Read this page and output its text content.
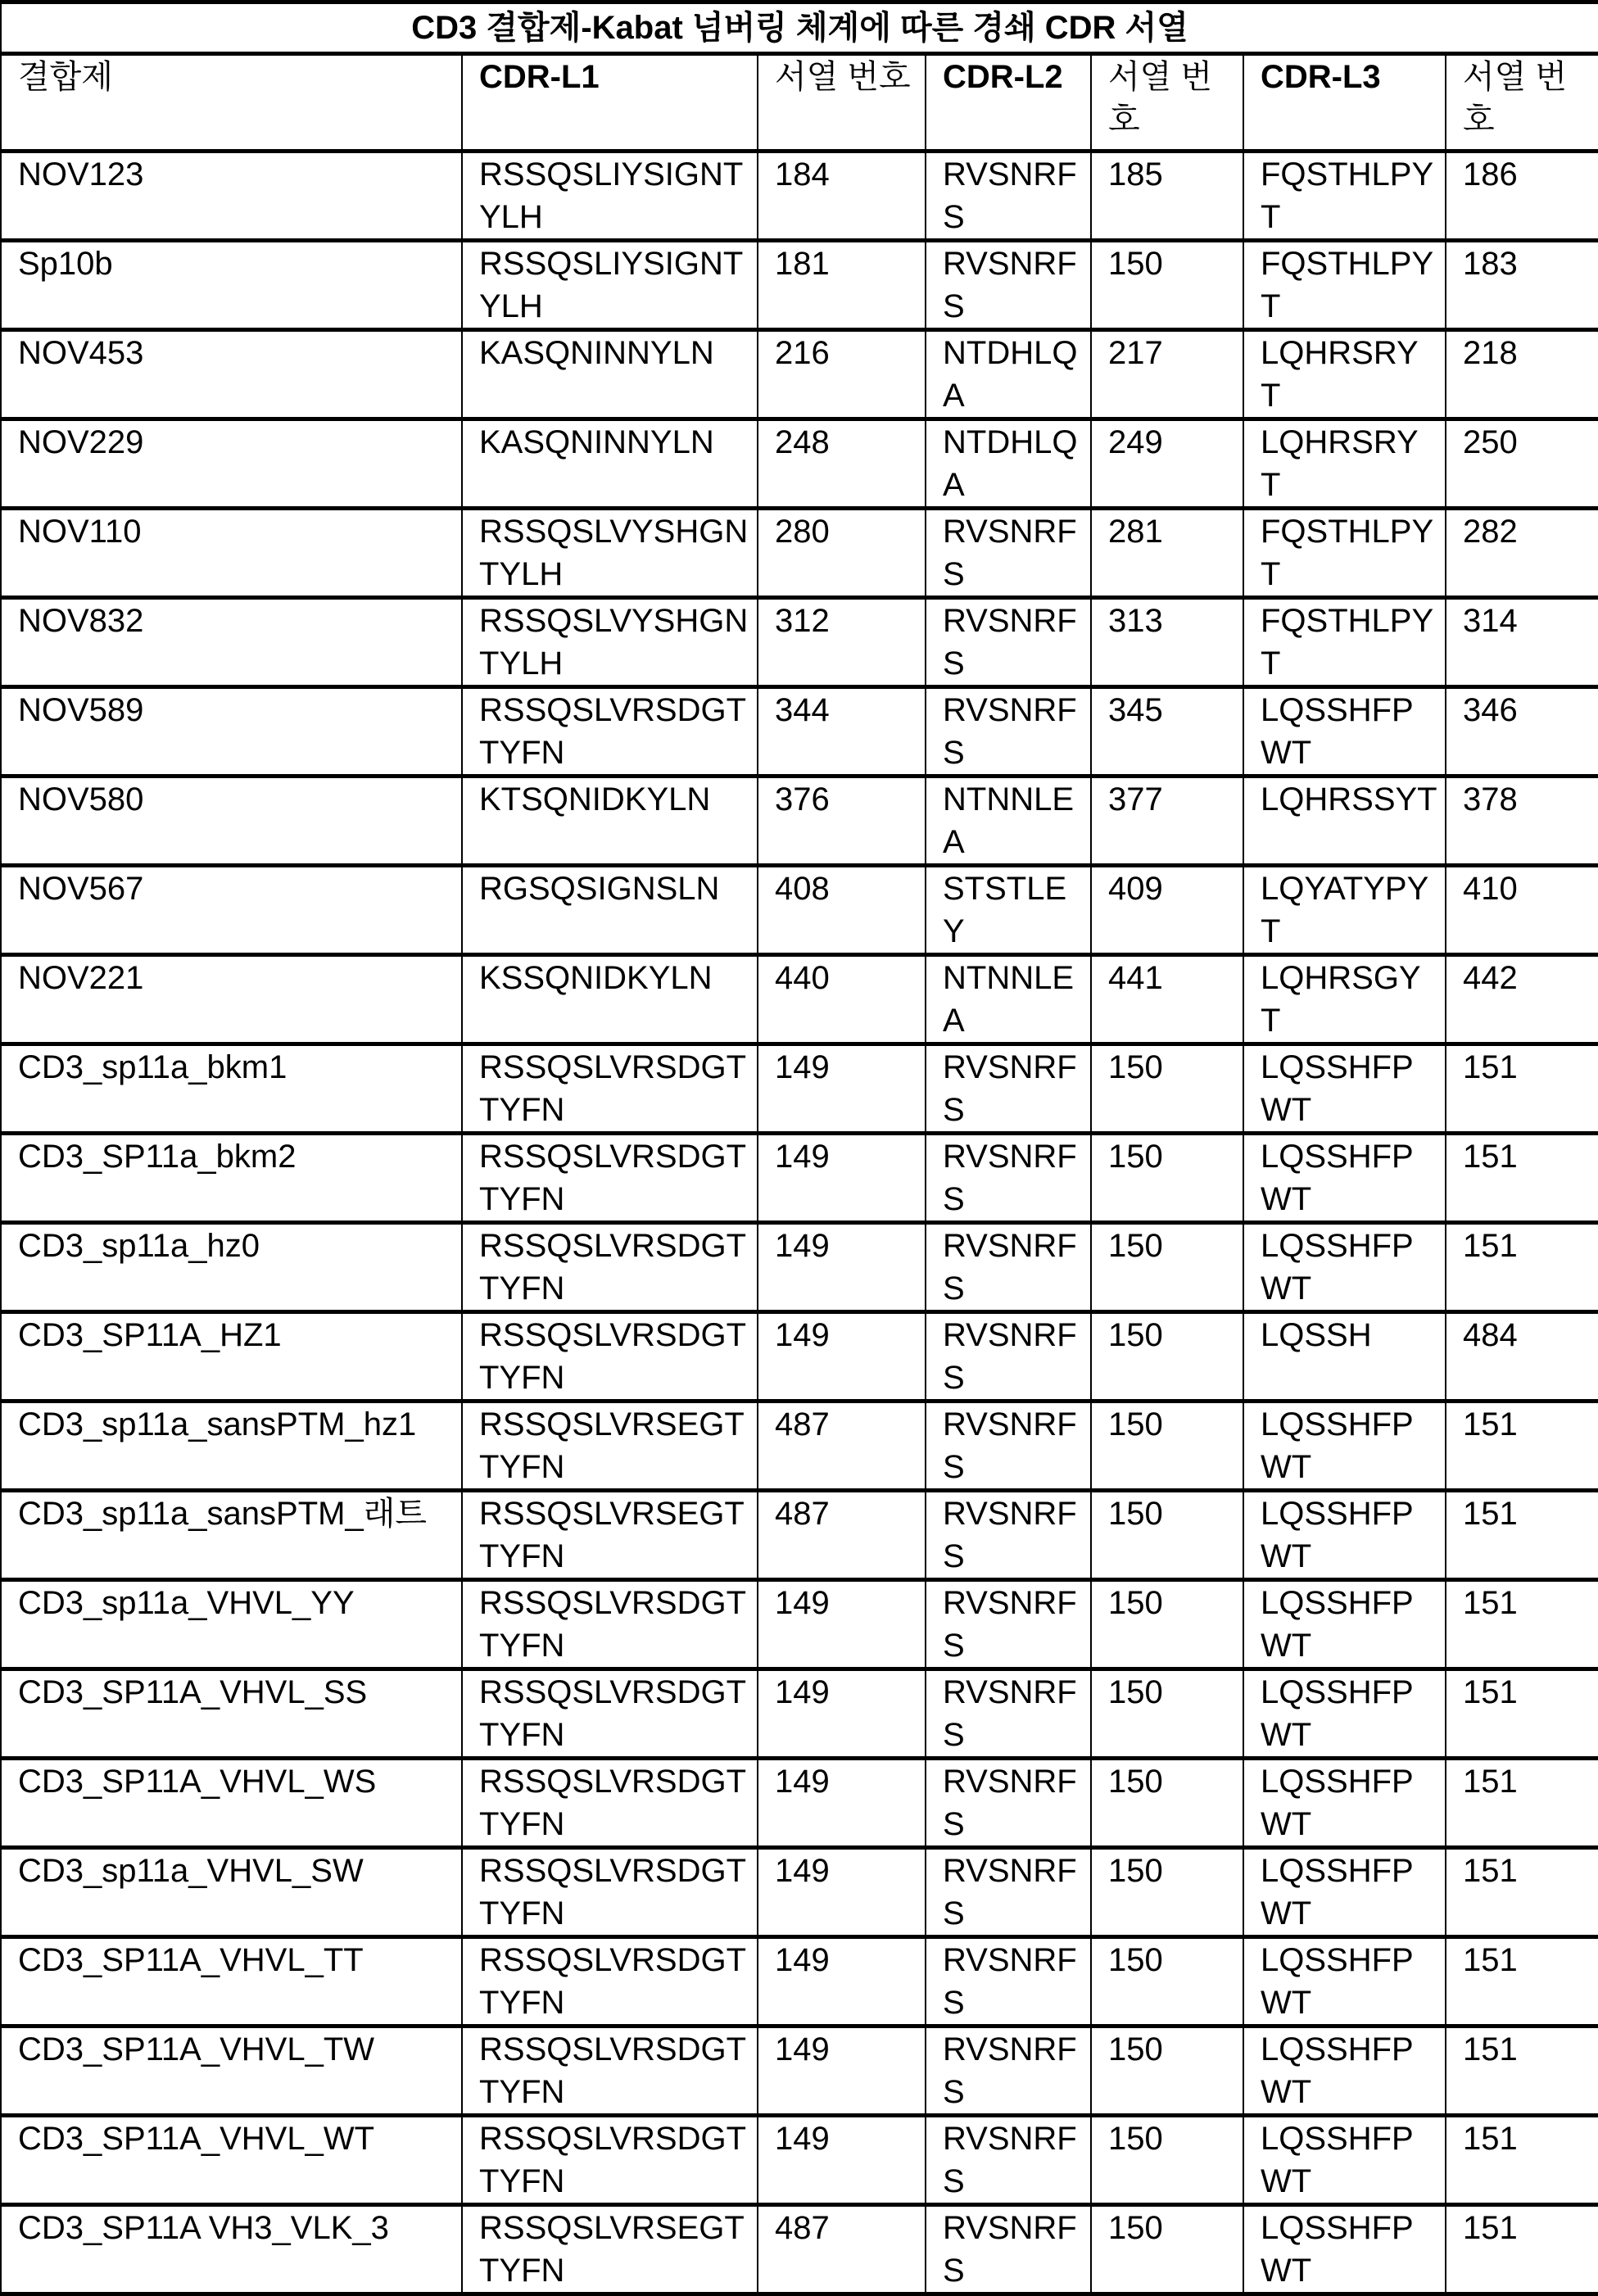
CD3 결합제-Kabat 넘버링 체계에 따른 경쇄 CDR 서열
결합제	CDR-L1	서열 번호	CDR-L2	서열 번호	CDR-L3	서열 번호
NOV123	RSSQSLIYSIGNTYLH	184	RVSNRFS	185	FQSTHLPYT	186
Sp10b	RSSQSLIYSIGNTYLH	181	RVSNRFS	150	FQSTHLPYT	183
NOV453	KASQNINNYLN	216	NTDHLQA	217	LQHRSRYT	218
NOV229	KASQNINNYLN	248	NTDHLQA	249	LQHRSRYT	250
NOV110	RSSQSLVYSHGNTYLH	280	RVSNRFS	281	FQSTHLPYT	282
NOV832	RSSQSLVYSHGNTYLH	312	RVSNRFS	313	FQSTHLPYT	314
NOV589	RSSQSLVRSDGTTYFN	344	RVSNRFS	345	LQSSHFPWT	346
NOV580	KTSQNIDKYLN	376	NTNNLEA	377	LQHRSSYT	378
NOV567	RGSQSIGNSLN	408	STSTLEY	409	LQYATYPYT	410
NOV221	KSSQNIDKYLN	440	NTNNLEA	441	LQHRSGYT	442
CD3_sp11a_bkm1	RSSQSLVRSDGTTYFN	149	RVSNRFS	150	LQSSHFPWT	151
CD3_SP11a_bkm2	RSSQSLVRSDGTTYFN	149	RVSNRFS	150	LQSSHFPWT	151
CD3_sp11a_hz0	RSSQSLVRSDGTTYFN	149	RVSNRFS	150	LQSSHFPWT	151
CD3_SP11A_HZ1	RSSQSLVRSDGTTYFN	149	RVSNRFS	150	LQSSH	484
CD3_sp11a_sansPTM_hz1	RSSQSLVRSEGTTYFN	487	RVSNRFS	150	LQSSHFPWT	151
CD3_sp11a_sansPTM_래트	RSSQSLVRSEGTTYFN	487	RVSNRFS	150	LQSSHFPWT	151
CD3_sp11a_VHVL_YY	RSSQSLVRSDGTTYFN	149	RVSNRFS	150	LQSSHFPWT	151
CD3_SP11A_VHVL_SS	RSSQSLVRSDGTTYFN	149	RVSNRFS	150	LQSSHFPWT	151
CD3_SP11A_VHVL_WS	RSSQSLVRSDGTTYFN	149	RVSNRFS	150	LQSSHFPWT	151
CD3_sp11a_VHVL_SW	RSSQSLVRSDGTTYFN	149	RVSNRFS	150	LQSSHFPWT	151
CD3_SP11A_VHVL_TT	RSSQSLVRSDGTTYFN	149	RVSNRFS	150	LQSSHFPWT	151
CD3_SP11A_VHVL_TW	RSSQSLVRSDGTTYFN	149	RVSNRFS	150	LQSSHFPWT	151
CD3_SP11A_VHVL_WT	RSSQSLVRSDGTTYFN	149	RVSNRFS	150	LQSSHFPWT	151
CD3_SP11A VH3_VLK_3	RSSQSLVRSEGTTYFN	487	RVSNRFS	150	LQSSHFPWT	151
